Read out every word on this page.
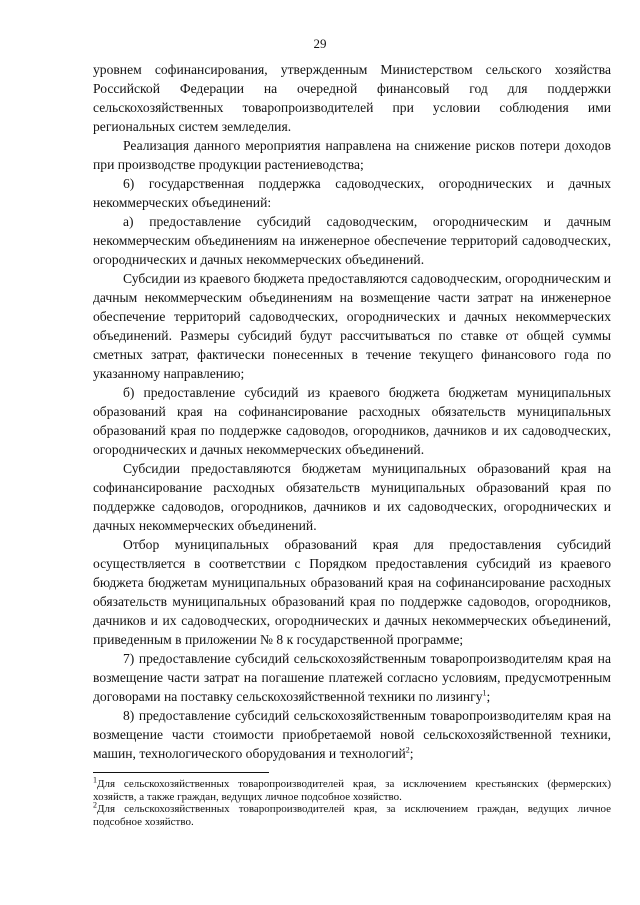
29

уровнем софинансирования, утвержденным Министерством сельского хозяйства Российской Федерации на очередной финансовый год для поддержки сельскохозяйственных товаропроизводителей при условии соблюдения ими региональных систем земледелия.

Реализация данного мероприятия направлена на снижение рисков потери доходов при производстве продукции растениеводства;

6) государственная поддержка садоводческих, огороднических и дачных некоммерческих объединений:

а) предоставление субсидий садоводческим, огородническим и дачным некоммерческим объединениям на инженерное обеспечение территорий садоводческих, огороднических и дачных некоммерческих объединений.

Субсидии из краевого бюджета предоставляются садоводческим, огородническим и дачным некоммерческим объединениям на возмещение части затрат на инженерное обеспечение территорий садоводческих, огороднических и дачных некоммерческих объединений. Размеры субсидий будут рассчитываться по ставке от общей суммы сметных затрат, фактически понесенных в течение текущего финансового года по указанному направлению;

б) предоставление субсидий из краевого бюджета бюджетам муниципальных образований края на софинансирование расходных обязательств муниципальных образований края по поддержке садоводов, огородников, дачников и их садоводческих, огороднических и дачных некоммерческих объединений.

Субсидии предоставляются бюджетам муниципальных образований края на софинансирование расходных обязательств муниципальных образований края по поддержке садоводов, огородников, дачников и их садоводческих, огороднических и дачных некоммерческих объединений.

Отбор муниципальных образований края для предоставления субсидий осуществляется в соответствии с Порядком предоставления субсидий из краевого бюджета бюджетам муниципальных образований края на софинансирование расходных обязательств муниципальных образований края по поддержке садоводов, огородников, дачников и их садоводческих, огороднических и дачных некоммерческих объединений, приведенным в приложении № 8 к государственной программе;

7) предоставление субсидий сельскохозяйственным товаропроизводителям края на возмещение части затрат на погашение платежей согласно условиям, предусмотренным договорами на поставку сельскохозяйственной техники по лизингу$^1$;

8) предоставление субсидий сельскохозяйственным товаропроизводителям края на возмещение части стоимости приобретаемой новой сельскохозяйственной техники, машин, технологического оборудования и технологий$^2$;

$^1$Для сельскохозяйственных товаропроизводителей края, за исключением крестьянских (фермерских) хозяйств, а также граждан, ведущих личное подсобное хозяйство.

$^2$Для сельскохозяйственных товаропроизводителей края, за исключением граждан, ведущих личное подсобное хозяйство.
